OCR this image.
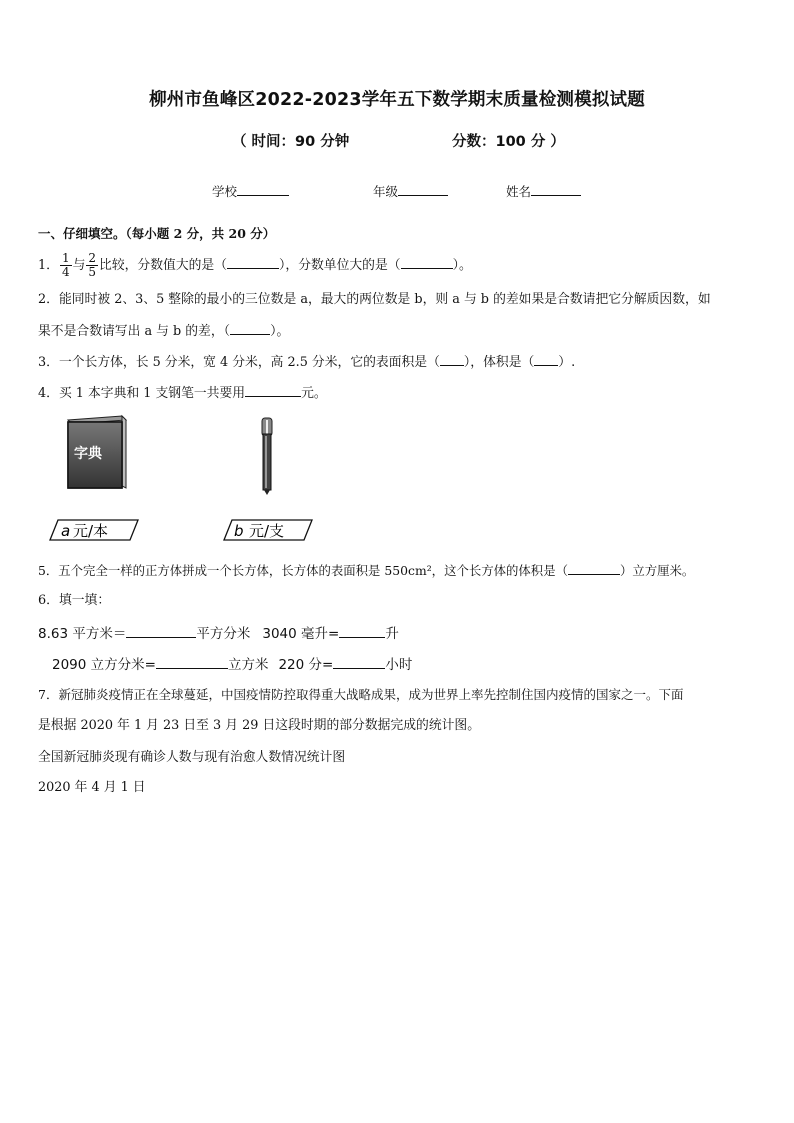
柳州市鱼峰区2022-2023学年五下数学期末质量检测模拟试题
（ 时间：90 分钟	分数：100 分 ）
学校	年级	姓名
一、仔细填空。（每小题 2 分，共 20 分）
1． $\frac{1}{4}$ 与 $\frac{2}{5}$ 比较，分数值大的是（	），分数单位大的是（	）。
2．能同时被 2、3、5 整除的最小的三位数是 a，最大的两位数是 b，则 a 与 b 的差如果是合数请把它分解质因数，如
果不是合数请写出 a 与 b 的差，（	）。
3．一个长方体，长 5 分米，宽 4 分米，高 2.5 分米，它的表面积是（ ），体积是（ ）.
4．买 1 本字典和 1 支钢笔一共要用	元。
字典
a 元/本	b 元/支
5．五个完全一样的正方体拼成一个长方体，长方体的表面积是 550cm²，这个长方体的体积是（	）立方厘米。
6．填一填：
8.63 平方米＝	平方分米 3040 毫升=	升
2090 立方分米=	立方米 220 分=	小时
7．新冠肺炎疫情正在全球蔓延，中国疫情防控取得重大战略成果，成为世界上率先控制住国内疫情的国家之一。下面
是根据 2020 年 1 月 23 日至 3 月 29 日这段时期的部分数据完成的统计图。
全国新冠肺炎现有确诊人数与现有治愈人数情况统计图
2020 年 4 月 1 日
